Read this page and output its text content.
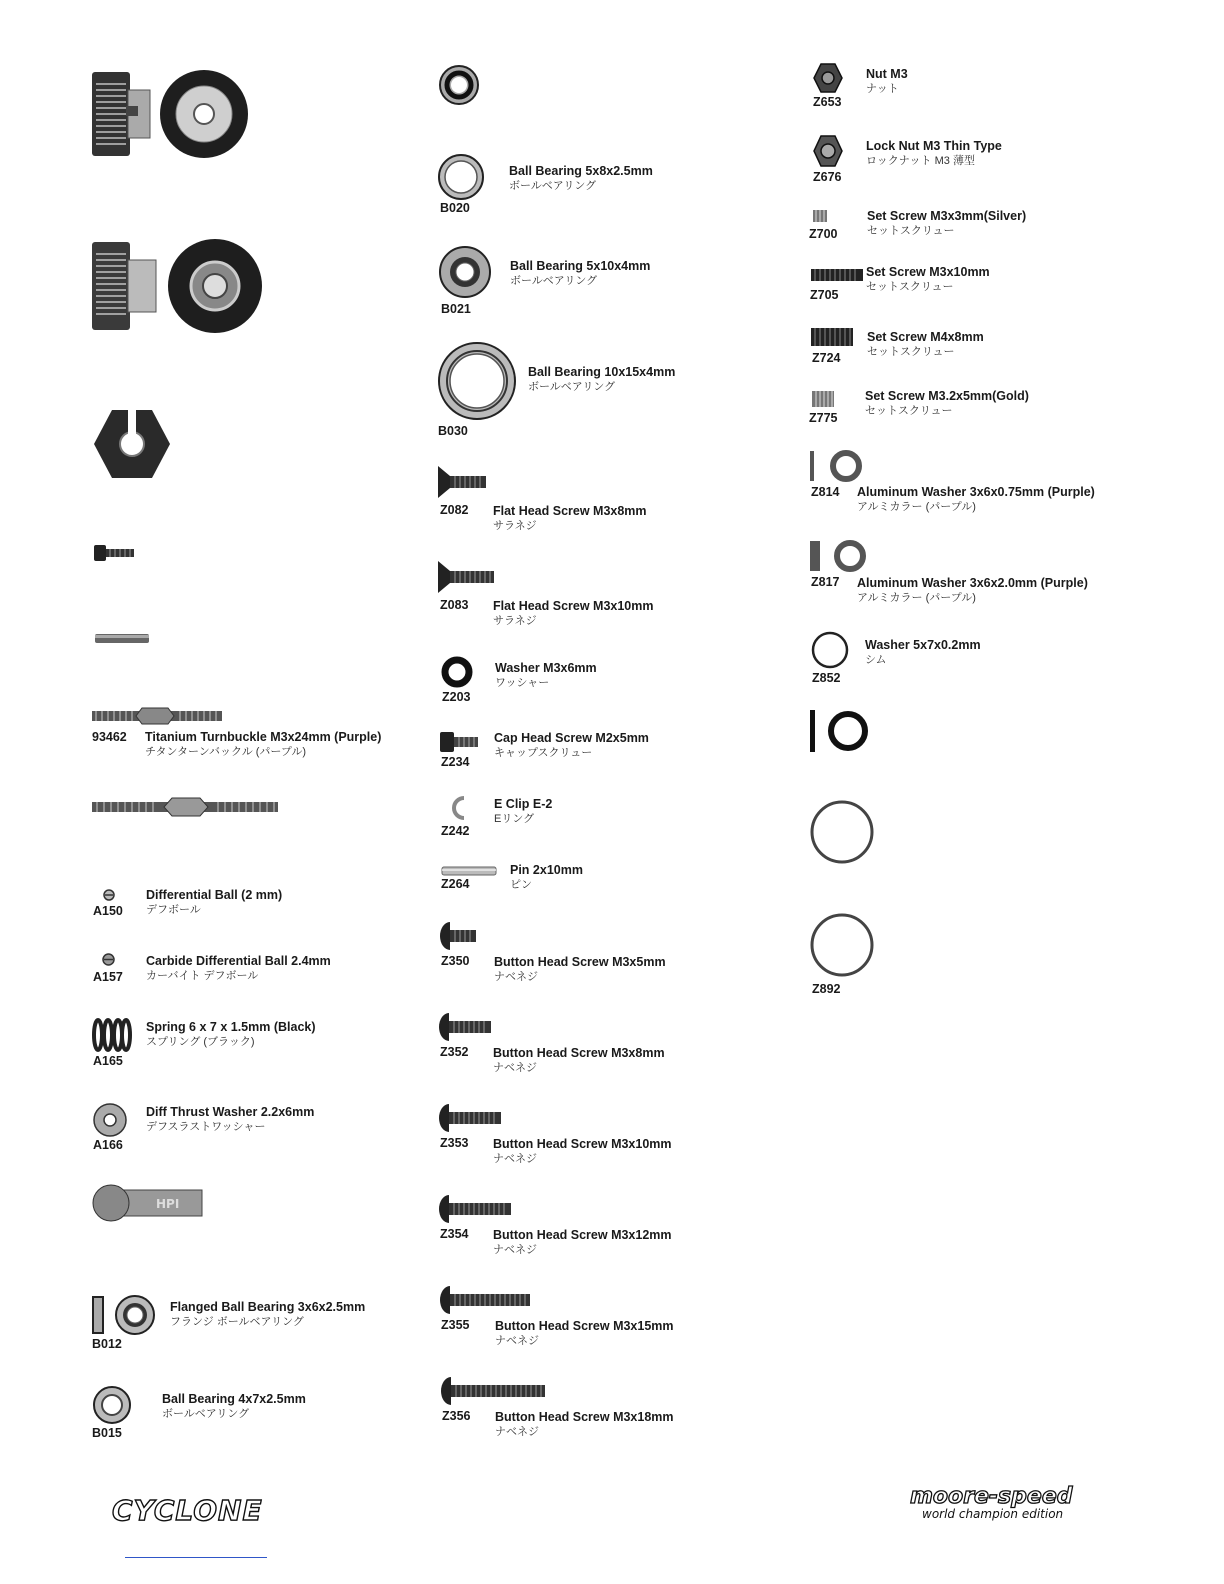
93462 Titanium Turnbuckle M3x24mm (Purple)
チタンターンバックル (パープル)
A150
Differential Ball (2 mm)
デフボール
A157
Carbide Differential Ball 2.4mm
カーバイト デフボール
A165
Spring 6 x 7 x 1.5mm (Black)
スプリング (ブラック)
A166
Diff Thrust Washer 2.2x6mm
デフスラストワッシャー
HPI
B012
Flanged Ball Bearing 3x6x2.5mm
フランジ ボールベアリング
B015
Ball Bearing 4x7x2.5mm
ボールベアリング
B020
Ball Bearing 5x8x2.5mm
ボールベアリング
B021
Ball Bearing 5x10x4mm
ボールベアリング
B030
Ball Bearing 10x15x4mm
ボールベアリング
Z082 Flat Head Screw M3x8mm
サラネジ
Z083 Flat Head Screw M3x10mm
サラネジ
Z203
Washer M3x6mm
ワッシャー
Z234
Cap Head Screw M2x5mm
キャップスクリュー
Z242
E Clip E-2
Eリング
Z264
Pin 2x10mm
ピン
Z350 Button Head Screw M3x5mm
ナベネジ
Z352 Button Head Screw M3x8mm
ナベネジ
Z353 Button Head Screw M3x10mm
ナベネジ
Z354 Button Head Screw M3x12mm
ナベネジ
Z355 Button Head Screw M3x15mm
ナベネジ
Z356 Button Head Screw M3x18mm
ナベネジ
Z653
Nut M3
ナット
Z676
Lock Nut M3 Thin Type
ロックナット M3 薄型
Z700
Set Screw M3x3mm(Silver)
セットスクリュー
Z705
Set Screw M3x10mm
セットスクリュー
Z724
Set Screw M4x8mm
セットスクリュー
Z775
Set Screw M3.2x5mm(Gold)
セットスクリュー
Z814 Aluminum Washer 3x6x0.75mm (Purple)
アルミカラー (パープル)
Z817 Aluminum Washer 3x6x2.0mm (Purple)
アルミカラー (パープル)
Z852
Washer 5x7x0.2mm
シム
Z892
CYCLONE	moore-speed
world champion edition
